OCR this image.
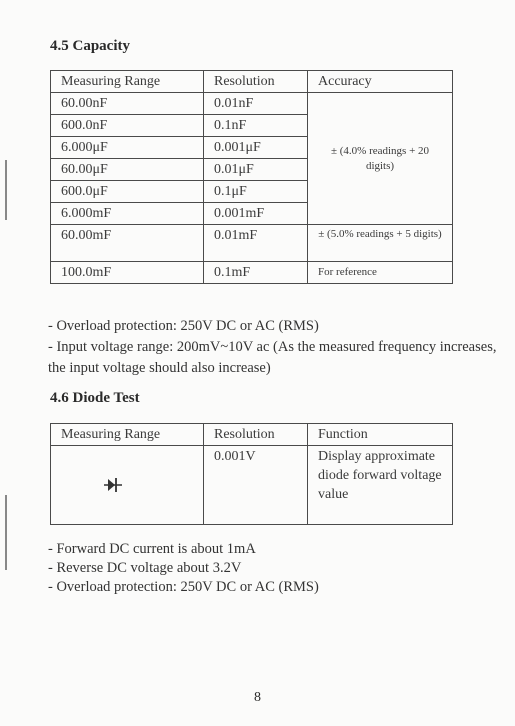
4.5 Capacity
Measuring Range	Resolution	Accuracy
60.00nF	0.01nF	± (4.0% readings + 20 digits)
600.0nF	0.1nF	
6.000μF	0.001μF	
60.00μF	0.01μF	
600.0μF	0.1μF	
6.000mF	0.001mF	
60.00mF	0.01mF	± (5.0% readings + 5 digits)
100.0mF	0.1mF	For reference
- Overload protection: 250V DC or AC (RMS)
- Input voltage range: 200mV~10V ac (As the measured frequency increases, the input voltage should also increase)
4.6 Diode Test
Measuring Range	Resolution	Function
	0.001V	Display approximate diode forward voltage value
- Forward DC current is about 1mA
- Reverse DC voltage about 3.2V
- Overload protection: 250V DC or AC (RMS)
8
